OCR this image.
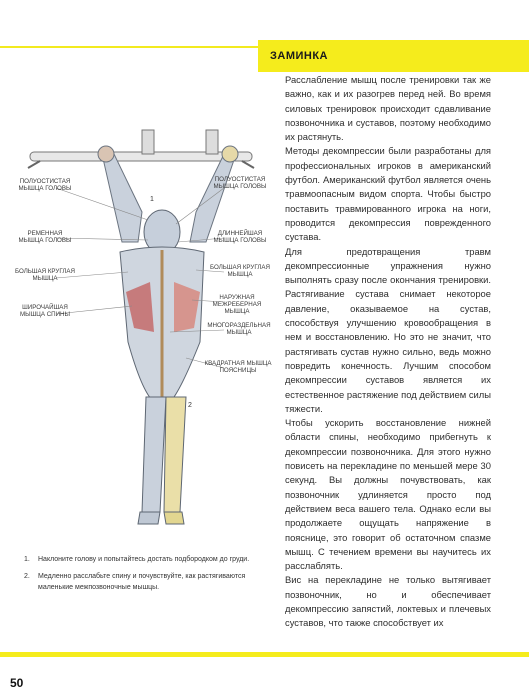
ЗАМИНКА
ПОЛУОСТИСТАЯ
МЫШЦА ГОЛОВЫ
РЕМЕННАЯ
МЫШЦА ГОЛОВЫ
БОЛЬШАЯ КРУГЛАЯ
МЫШЦА
ШИРОЧАЙШАЯ
МЫШЦА СПИНЫ
ПОЛУОСТИСТАЯ
МЫШЦА ГОЛОВЫ
ДЛИННЕЙШАЯ
МЫШЦА ГОЛОВЫ
БОЛЬШАЯ КРУГЛАЯ
МЫШЦА
НАРУЖНАЯ
МЕЖРЕБЕРНАЯ МЫШЦА
МНОГОРАЗДЕЛЬНАЯ
МЫШЦА
КВАДРАТНАЯ МЫШЦА
ПОЯСНИЦЫ
1
2
1.	Наклоните голову и попытайтесь достать подбородком до груди.
2.	Медленно расслабьте спину и почувствуйте, как растягиваются маленькие межпозвоночные мышцы.

Расслабление мышц после тренировки так же важно, как и их разогрев перед ней. Во время силовых тренировок происходит сдавливание позвоночника и суставов, поэтому необходимо их растянуть.

Методы декомпрессии были разработаны для профессиональных игроков в американский футбол. Американский футбол является очень травмоопасным видом спорта. Чтобы быстро поставить травмированного игрока на ноги, проводится декомпрессия поврежденного сустава.

Для предотвращения травм декомпрессионные упражнения нужно выполнять сразу после окончания тренировки. Растягивание сустава снимает некоторое давление, оказываемое на сустав, способствуя улучшению кровообращения в нем и восстановлению. Но это не значит, что растягивать сустав нужно сильно, ведь можно повредить конечность. Лучшим способом декомпрессии суставов является их естественное растяжение под действием силы тяжести.

Чтобы ускорить восстановление нижней области спины, необходимо прибегнуть к декомпрессии позвоночника. Для этого нужно повисеть на перекладине по меньшей мере 30 секунд. Вы должны почувствовать, как позвоночник удлиняется просто под действием веса вашего тела. Однако если вы продолжаете ощущать напряжение в пояснице, это говорит об остаточном спазме мышц. С течением времени вы научитесь их расслаблять.

Вис на перекладине не только вытягивает позвоночник, но и обеспечивает декомпрессию запястий, локтевых и плечевых суставов, что также способствует их

50
